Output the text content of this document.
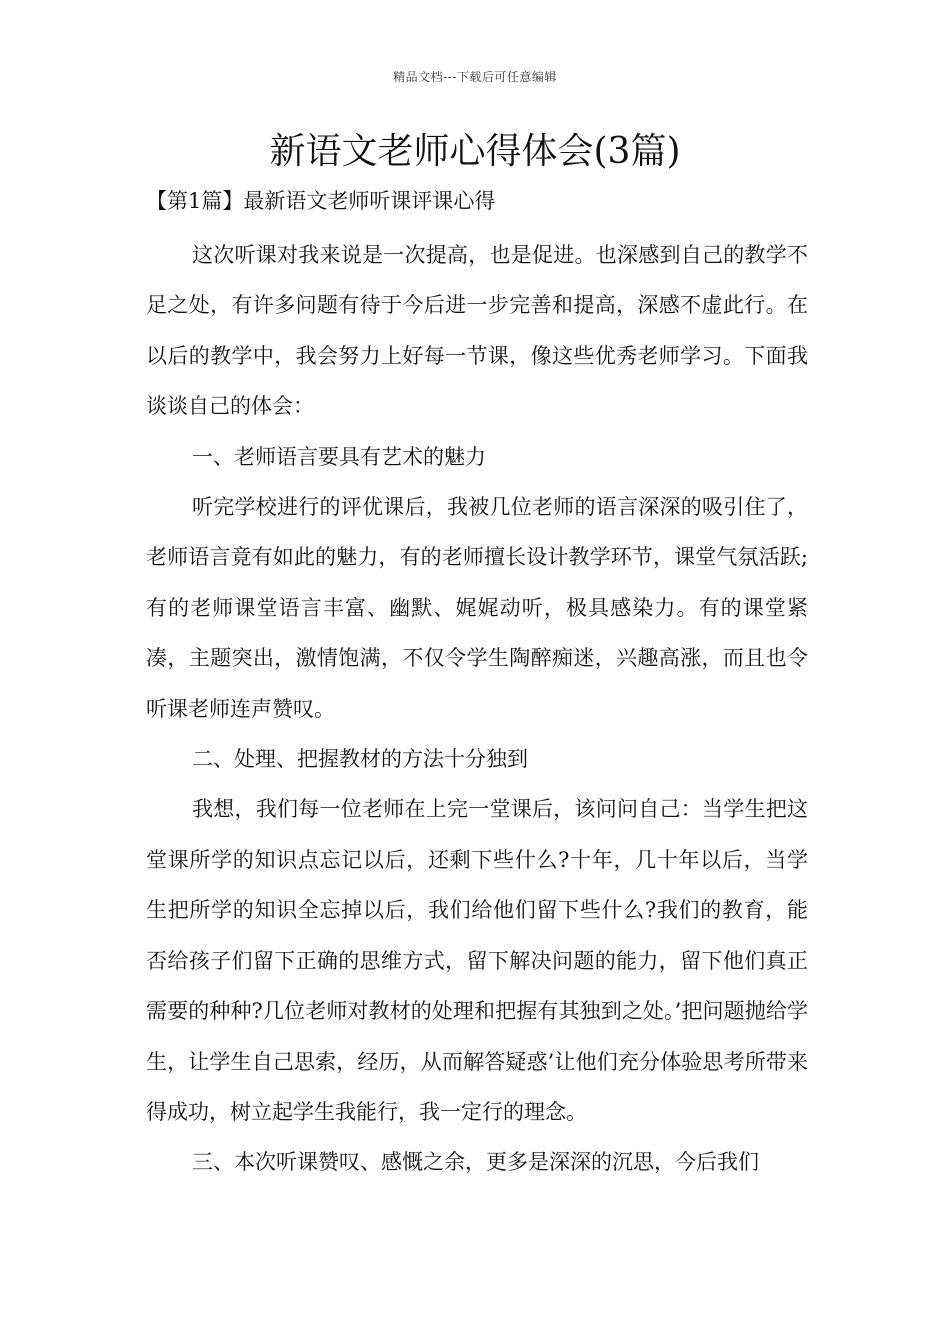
精品文档---下载后可任意编辑
新语文老师心得体会(3篇)

【第1篇】最新语文老师听课评课心得

这次听课对我来说是一次提高，也是促进。也深感到自己的教学不足之处，有许多问题有待于今后进一步完善和提高，深感不虚此行。在以后的教学中，我会努力上好每一节课，像这些优秀老师学习。下面我谈谈自己的体会：

一、老师语言要具有艺术的魅力

听完学校进行的评优课后，我被几位老师的语言深深的吸引住了，老师语言竟有如此的魅力，有的老师擅长设计教学环节，课堂气氛活跃;有的老师课堂语言丰富、幽默、娓娓动听，极具感染力。有的课堂紧凑，主题突出，激情饱满，不仅令学生陶醉痴迷，兴趣高涨，而且也令听课老师连声赞叹。

二、处理、把握教材的方法十分独到

我想，我们每一位老师在上完一堂课后，该问问自己：当学生把这堂课所学的知识点忘记以后，还剩下些什么?十年，几十年以后，当学生把所学的知识全忘掉以后，我们给他们留下些什么?我们的教育，能否给孩子们留下正确的思维方式，留下解决问题的能力，留下他们真正需要的种种?几位老师对教材的处理和把握有其独到之处。’把问题抛给学生，让学生自己思索，经历，从而解答疑惑’让他们充分体验思考所带来得成功，树立起学生我能行，我一定行的理念。

三、本次听课赞叹、感慨之余，更多是深深的沉思，今后我们
